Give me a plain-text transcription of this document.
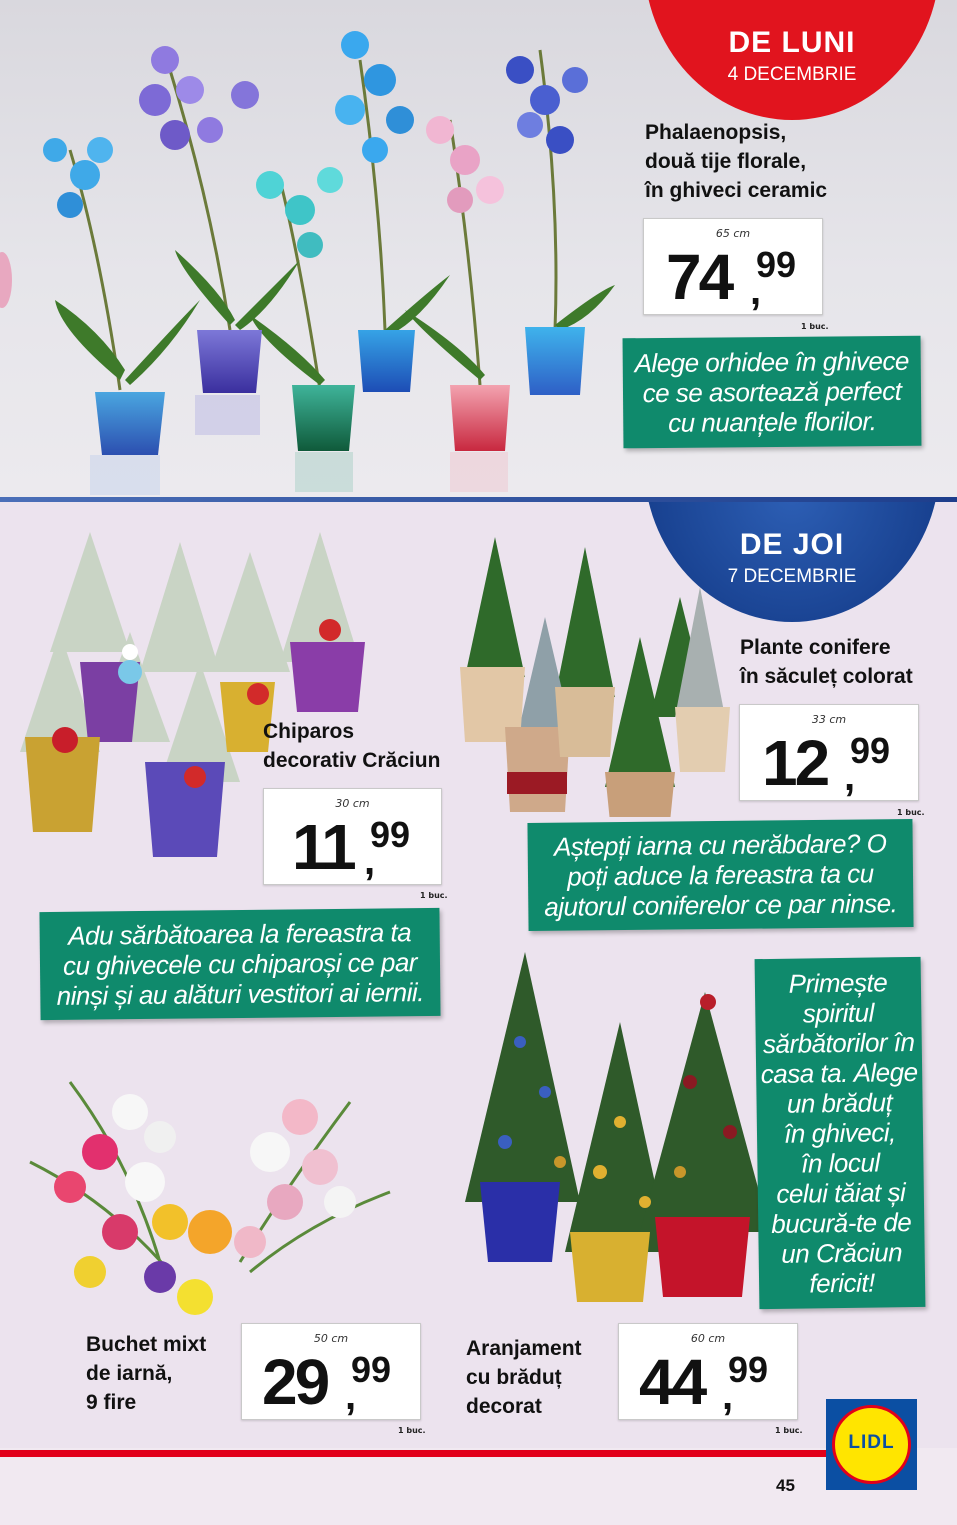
DE LUNI
4 DECEMBRIE
Phalaenopsis,
două tije florale,
în ghiveci ceramic
65 cm
74 ,
99
1 buc.
Alege orhidee în ghivece
ce se asortează perfect
cu nuanțele florilor.
DE JOI
7 DECEMBRIE
Plante conifere
în săculeț colorat
33 cm
12 ,
99
1 buc.
Aștepți iarna cu nerăbdare? O
poți aduce la fereastra ta cu
ajutorul coniferelor ce par ninse.
Chiparos
decorativ Crăciun
30 cm
11 ,
99
1 buc.
Adu sărbătoarea la fereastra ta
cu ghivecele cu chiparoși ce par
ninși și au alături vestitori ai iernii.	Primește
spiritul
sărbătorilor în
casa ta. Alege
un brăduț
în ghiveci,
în locul
celui tăiat și
bucură-te de
un Crăciun
fericit!
Buchet mixt
de iarnă,
9 fire
50 cm
29 ,
99
1 buc.
Aranjament
cu brăduț
decorat
60 cm
44 ,
99
1 buc.
45
LIDL
